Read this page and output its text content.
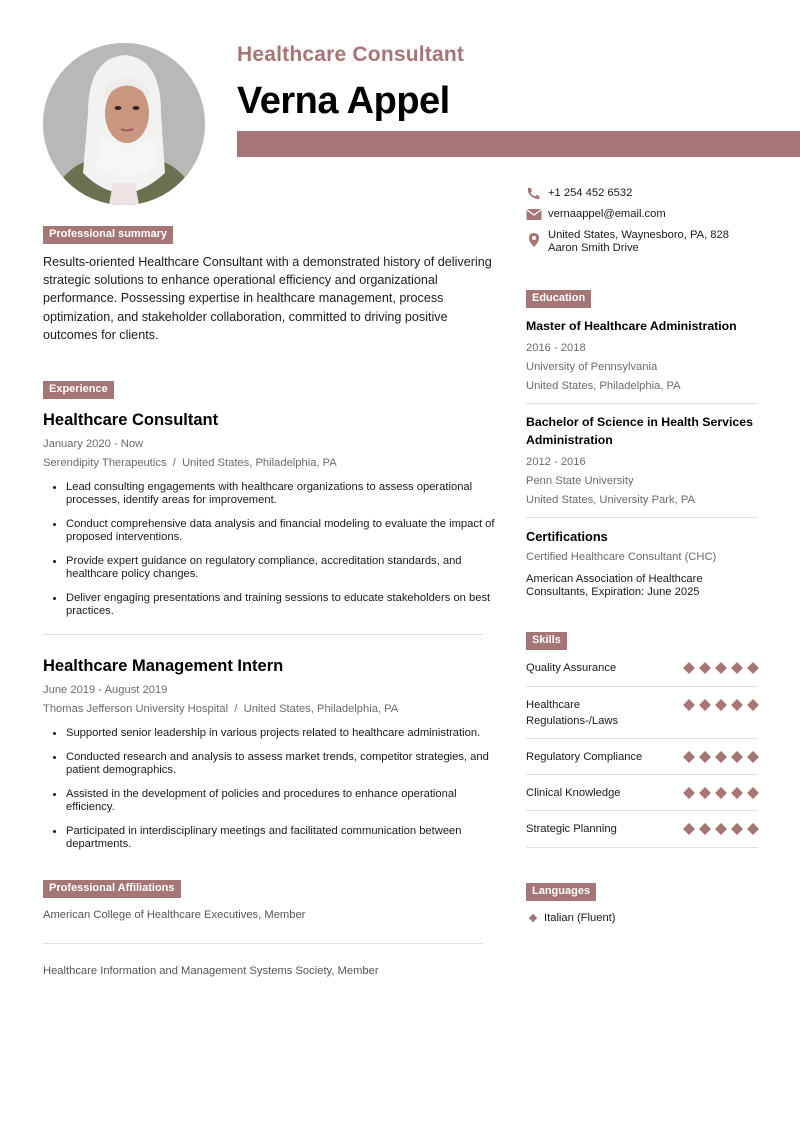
Healthcare Consultant
Verna Appel
+1 254 452 6532
vernaappel@email.com
United States, Waynesboro, PA, 828
Aaron Smith Drive
Professional summary
Results-oriented Healthcare Consultant with a demonstrated history of delivering strategic solutions to enhance operational efficiency and organizational performance. Possessing expertise in healthcare management, process optimization, and stakeholder collaboration, committed to driving positive outcomes for clients.
Experience
Healthcare Consultant
January 2020 - Now
Serendipity Therapeutics  /  United States, Philadelphia, PA
Lead consulting engagements with healthcare organizations to assess operational processes, identify areas for improvement.
Conduct comprehensive data analysis and financial modeling to evaluate the impact of proposed interventions.
Provide expert guidance on regulatory compliance, accreditation standards, and healthcare policy changes.
Deliver engaging presentations and training sessions to educate stakeholders on best practices.
Healthcare Management Intern
June 2019 - August 2019
Thomas Jefferson University Hospital  /  United States, Philadelphia, PA
Supported senior leadership in various projects related to healthcare administration.
Conducted research and analysis to assess market trends, competitor strategies, and patient demographics.
Assisted in the development of policies and procedures to enhance operational efficiency.
Participated in interdisciplinary meetings and facilitated communication between departments.
Professional Affiliations
American College of Healthcare Executives, Member
Healthcare Information and Management Systems Society, Member
Education
Master of Healthcare Administration
2016 - 2018
University of Pennsylvania
United States, Philadelphia, PA
Bachelor of Science in Health Services Administration
2012 - 2016
Penn State University
United States, University Park, PA
Certifications
Certified Healthcare Consultant (CHC)
American Association of Healthcare Consultants, Expiration: June 2025
Skills
Quality Assurance
Healthcare Regulations-/Laws
Regulatory Compliance
Clinical Knowledge
Strategic Planning
Languages
Italian (Fluent)
